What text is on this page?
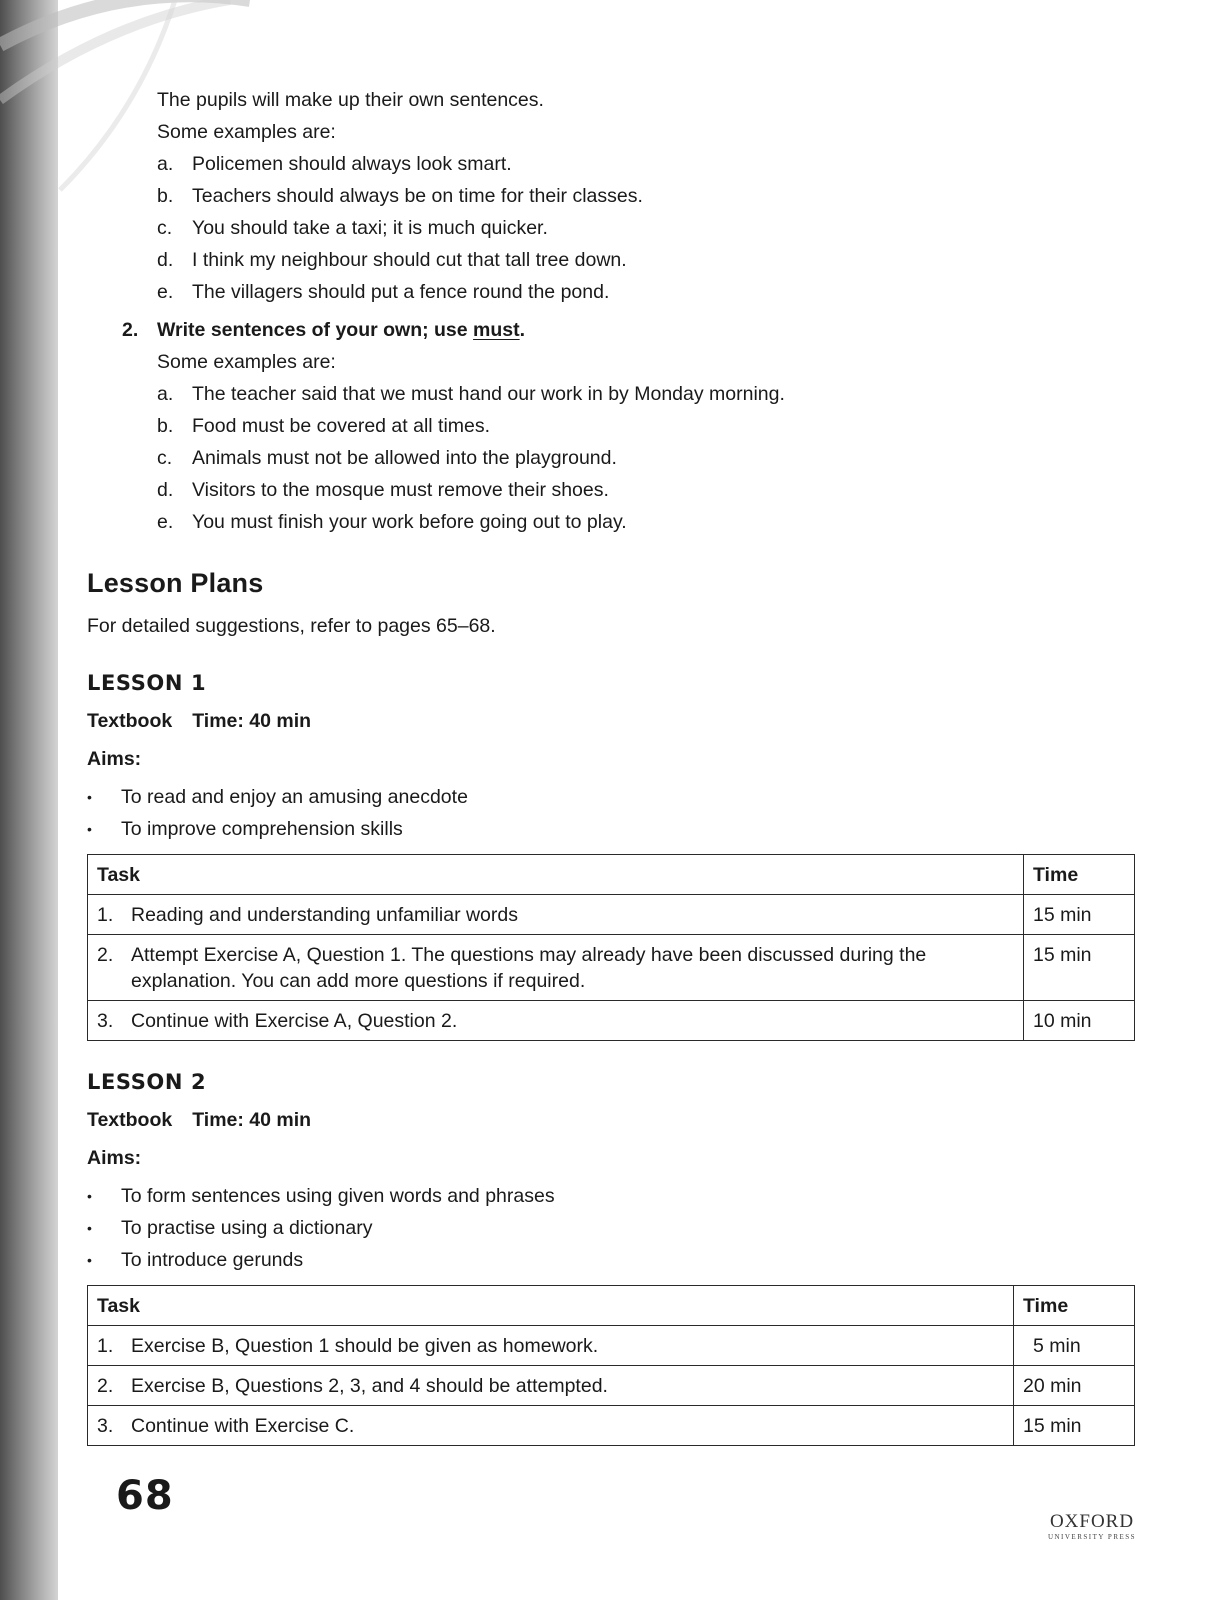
The pupils will make up their own sentences.
Some examples are:
a. Policemen should always look smart.
b. Teachers should always be on time for their classes.
c.	You should take a taxi; it is much quicker.
d. I think my neighbour should cut that tall tree down.
e. The villagers should put a fence round the pond.
2. Write sentences of your own; use must.
Some examples are:
a. The teacher said that we must hand our work in by Monday morning.
b. Food must be covered at all times.
c.	Animals must not be allowed into the playground.
d. Visitors to the mosque must remove their shoes.
e. You must finish your work before going out to play.
Lesson Plans
For detailed suggestions, refer to pages 65–68.
LESSON 1
Textbook Time: 40 min
Aims:
•	To read and enjoy an amusing anecdote
•	To improve comprehension skills
Task	Time

1. Reading and understanding unfamiliar words	15 min

2. Attempt Exercise A, Question 1. The questions may already have been discussed during the explanation. You can add more questions if required.	15 min

3. Continue with Exercise A, Question 2.	10 min
LESSON 2
Textbook Time: 40 min
Aims:
•	To form sentences using given words and phrases
•	To practise using a dictionary
•	To introduce gerunds
Task	Time

1. Exercise B, Question 1 should be given as homework.	5 min

2. Exercise B, Questions 2, 3, and 4 should be attempted.	20 min

3. Continue with Exercise C.	15 min
68
OXFORD
UNIVERSITY PRESS
